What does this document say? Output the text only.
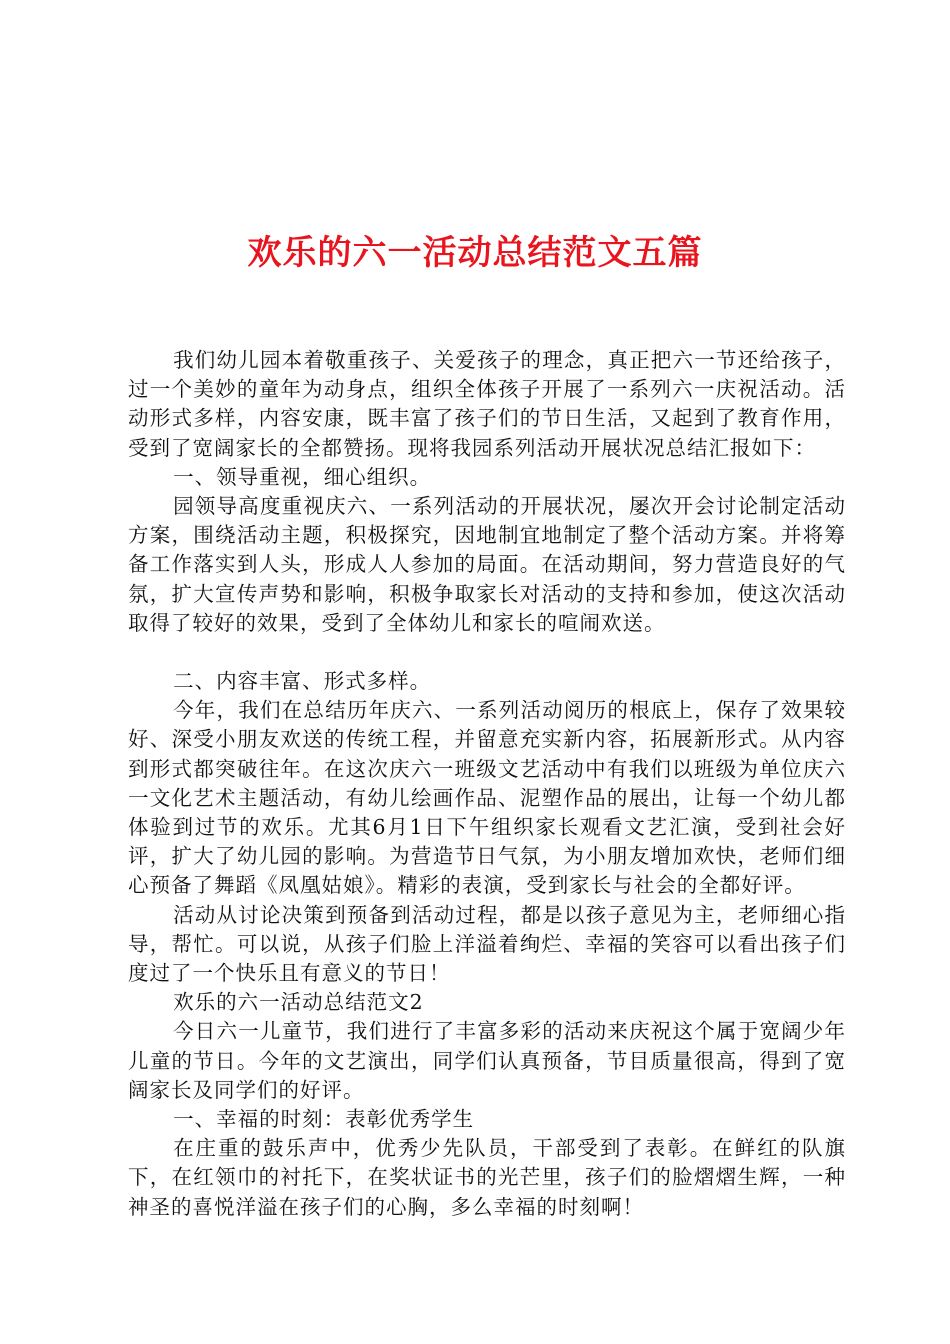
欢乐的六一活动总结范文五篇

我们幼儿园本着敬重孩子、关爱孩子的理念，真正把六一节还给孩子，过一个美妙的童年为动身点，组织全体孩子开展了一系列六一庆祝活动。活动形式多样，内容安康，既丰富了孩子们的节日生活，又起到了教育作用，受到了宽阔家长的全都赞扬。现将我园系列活动开展状况总结汇报如下：

一、领导重视，细心组织。

园领导高度重视庆六、一系列活动的开展状况，屡次开会讨论制定活动方案，围绕活动主题，积极探究，因地制宜地制定了整个活动方案。并将筹备工作落实到人头，形成人人参加的局面。在活动期间，努力营造良好的气氛，扩大宣传声势和影响，积极争取家长对活动的支持和参加，使这次活动取得了较好的效果，受到了全体幼儿和家长的喧闹欢送。

二、内容丰富、形式多样。

今年，我们在总结历年庆六、一系列活动阅历的根底上，保存了效果较好、深受小朋友欢送的传统工程，并留意充实新内容，拓展新形式。从内容到形式都突破往年。在这次庆六一班级文艺活动中有我们以班级为单位庆六一文化艺术主题活动，有幼儿绘画作品、泥塑作品的展出，让每一个幼儿都体验到过节的欢乐。尤其6月1日下午组织家长观看文艺汇演，受到社会好评，扩大了幼儿园的影响。为营造节日气氛，为小朋友增加欢快，老师们细心预备了舞蹈《凤凰姑娘》。精彩的表演，受到家长与社会的全都好评。

活动从讨论决策到预备到活动过程，都是以孩子意见为主，老师细心指导，帮忙。可以说，从孩子们脸上洋溢着绚烂、幸福的笑容可以看出孩子们度过了一个快乐且有意义的节日！

欢乐的六一活动总结范文2

今日六一儿童节，我们进行了丰富多彩的活动来庆祝这个属于宽阔少年儿童的节日。今年的文艺演出，同学们认真预备，节目质量很高，得到了宽阔家长及同学们的好评。

一、幸福的时刻：表彰优秀学生

在庄重的鼓乐声中，优秀少先队员，干部受到了表彰。在鲜红的队旗下，在红领巾的衬托下，在奖状证书的光芒里，孩子们的脸熠熠生辉，一种神圣的喜悦洋溢在孩子们的心胸，多么幸福的时刻啊！
